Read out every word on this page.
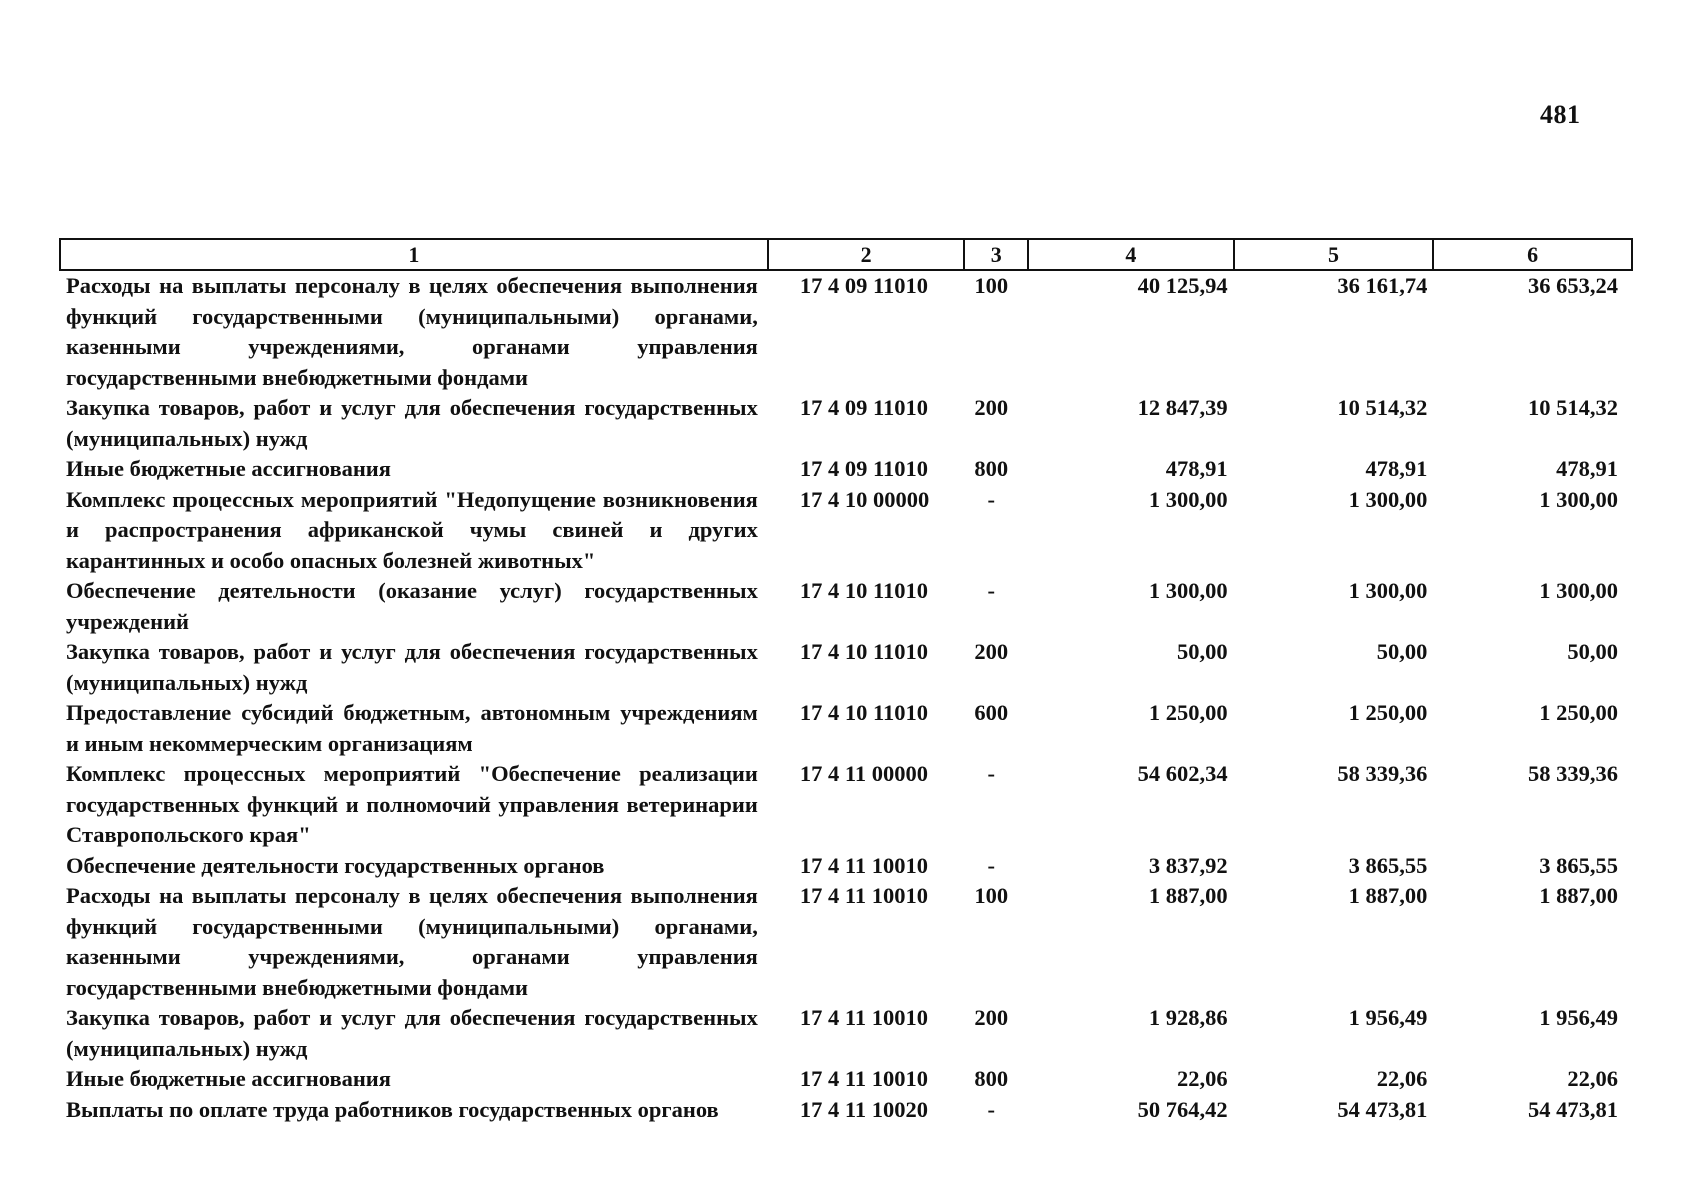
481
1	2	3	4	5	6
Расходы на выплаты персоналу в целях обеспечения выполнения функций государственными (муниципальными) органами, казенными учреждениями, органами управления государственными внебюджетными фондами	17 4 09 11010	100	40 125,94	36 161,74	36 653,24
Закупка товаров, работ и услуг для обеспечения государственных (муниципальных) нужд	17 4 09 11010	200	12 847,39	10 514,32	10 514,32
Иные бюджетные ассигнования	17 4 09 11010	800	478,91	478,91	478,91
Комплекс процессных мероприятий "Недопущение возникновения и распространения африканской чумы свиней и других карантинных и особо опасных болезней животных"	17 4 10 00000	-	1 300,00	1 300,00	1 300,00
Обеспечение деятельности (оказание услуг) государственных учреждений	17 4 10 11010	-	1 300,00	1 300,00	1 300,00
Закупка товаров, работ и услуг для обеспечения государственных (муниципальных) нужд	17 4 10 11010	200	50,00	50,00	50,00
Предоставление субсидий бюджетным, автономным учреждениям и иным некоммерческим организациям	17 4 10 11010	600	1 250,00	1 250,00	1 250,00
Комплекс процессных мероприятий "Обеспечение реализации государственных функций и полномочий управления ветеринарии Ставропольского края"	17 4 11 00000	-	54 602,34	58 339,36	58 339,36
Обеспечение деятельности государственных органов	17 4 11 10010	-	3 837,92	3 865,55	3 865,55
Расходы на выплаты персоналу в целях обеспечения выполнения функций государственными (муниципальными) органами, казенными учреждениями, органами управления государственными внебюджетными фондами	17 4 11 10010	100	1 887,00	1 887,00	1 887,00
Закупка товаров, работ и услуг для обеспечения государственных (муниципальных) нужд	17 4 11 10010	200	1 928,86	1 956,49	1 956,49
Иные бюджетные ассигнования	17 4 11 10010	800	22,06	22,06	22,06
Выплаты по оплате труда работников государственных органов	17 4 11 10020	-	50 764,42	54 473,81	54 473,81
